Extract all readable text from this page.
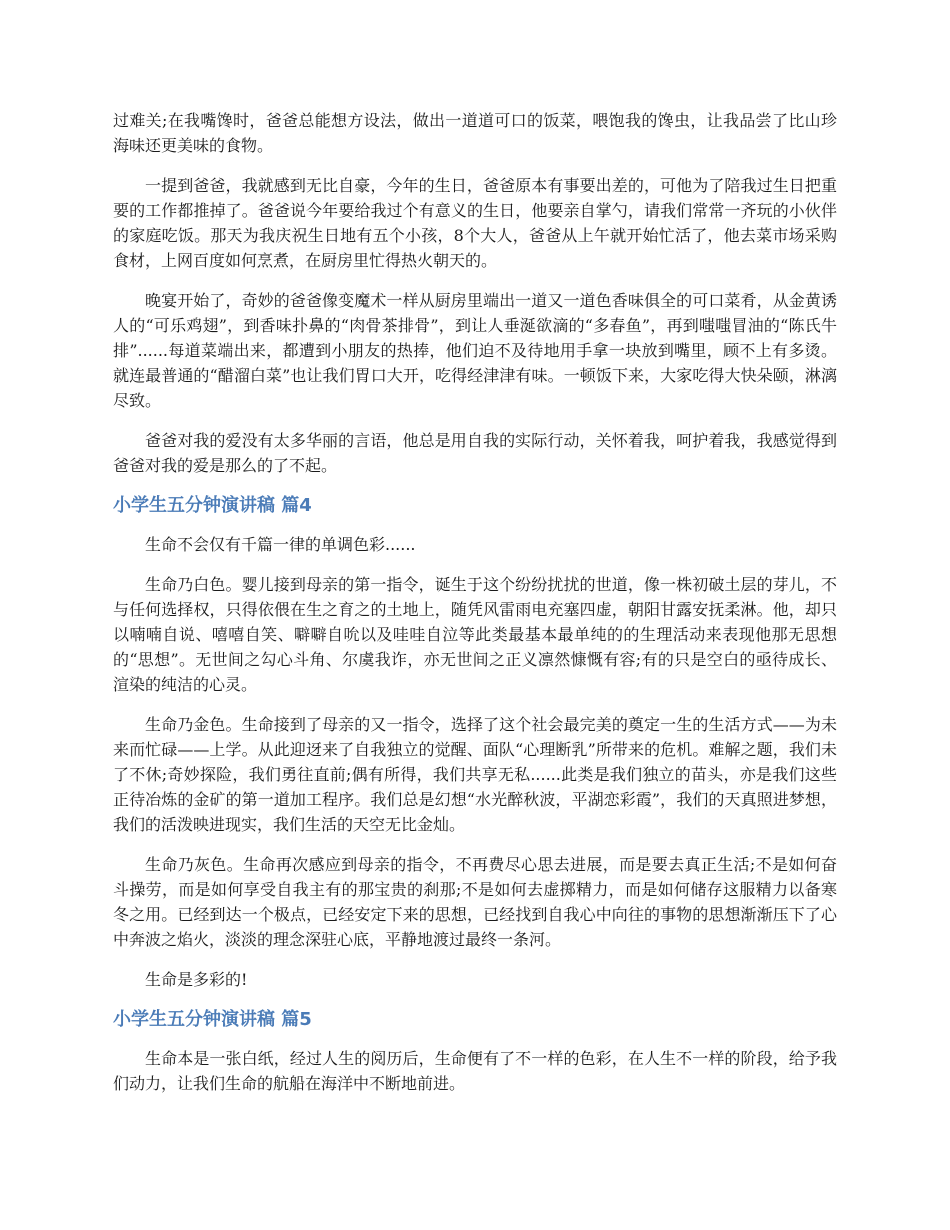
过难关;在我嘴馋时，爸爸总能想方设法，做出一道道可口的饭菜，喂饱我的馋虫，让我品尝了比山珍海味还更美味的食物。

一提到爸爸，我就感到无比自豪，今年的生日，爸爸原本有事要出差的，可他为了陪我过生日把重要的工作都推掉了。爸爸说今年要给我过个有意义的生日，他要亲自掌勺，请我们常常一齐玩的小伙伴的家庭吃饭。那天为我庆祝生日地有五个小孩，8个大人，爸爸从上午就开始忙活了，他去菜市场采购食材，上网百度如何烹煮，在厨房里忙得热火朝天的。

晚宴开始了，奇妙的爸爸像变魔术一样从厨房里端出一道又一道色香味俱全的可口菜肴，从金黄诱人的“可乐鸡翅”，到香味扑鼻的“肉骨茶排骨”，到让人垂涎欲滴的“多春鱼”，再到嗤嗤冒油的“陈氏牛排”......每道菜端出来，都遭到小朋友的热捧，他们迫不及待地用手拿一块放到嘴里，顾不上有多烫。就连最普通的“醋溜白菜”也让我们胃口大开，吃得经津津有味。一顿饭下来，大家吃得大快朵颐，淋漓尽致。

爸爸对我的爱没有太多华丽的言语，他总是用自我的实际行动，关怀着我，呵护着我，我感觉得到爸爸对我的爱是那么的了不起。

小学生五分钟演讲稿 篇4

生命不会仅有千篇一律的单调色彩......

生命乃白色。婴儿接到母亲的第一指令，诞生于这个纷纷扰扰的世道，像一株初破土层的芽儿，不与任何选择权，只得依偎在生之育之的土地上，随凭风雷雨电充塞四虚，朝阳甘露安抚柔淋。他，却只以喃喃自说、嘻嘻自笑、噼噼自吮以及哇哇自泣等此类最基本最单纯的的生理活动来表现他那无思想的“思想”。无世间之勾心斗角、尔虞我诈，亦无世间之正义凛然慷慨有容;有的只是空白的亟待成长、渲染的纯洁的心灵。

生命乃金色。生命接到了母亲的又一指令，选择了这个社会最完美的奠定一生的生活方式——为未来而忙碌——上学。从此迎迓来了自我独立的觉醒、面队“心理断乳”所带来的危机。难解之题，我们未了不休;奇妙探险，我们勇往直前;偶有所得，我们共享无私......此类是我们独立的苗头，亦是我们这些正待冶炼的金矿的第一道加工程序。我们总是幻想“水光醉秋波，平湖恋彩霞”，我们的天真照进梦想，我们的活泼映进现实，我们生活的天空无比金灿。

生命乃灰色。生命再次感应到母亲的指令，不再费尽心思去进展，而是要去真正生活;不是如何奋斗操劳，而是如何享受自我主有的那宝贵的刹那;不是如何去虚掷精力，而是如何储存这服精力以备寒冬之用。已经到达一个极点，已经安定下来的思想，已经找到自我心中向往的事物的思想渐渐压下了心中奔波之焰火，淡淡的理念深驻心底，平静地渡过最终一条河。

生命是多彩的!

小学生五分钟演讲稿 篇5

生命本是一张白纸，经过人生的阅历后，生命便有了不一样的色彩，在人生不一样的阶段，给予我们动力，让我们生命的航船在海洋中不断地前进。
